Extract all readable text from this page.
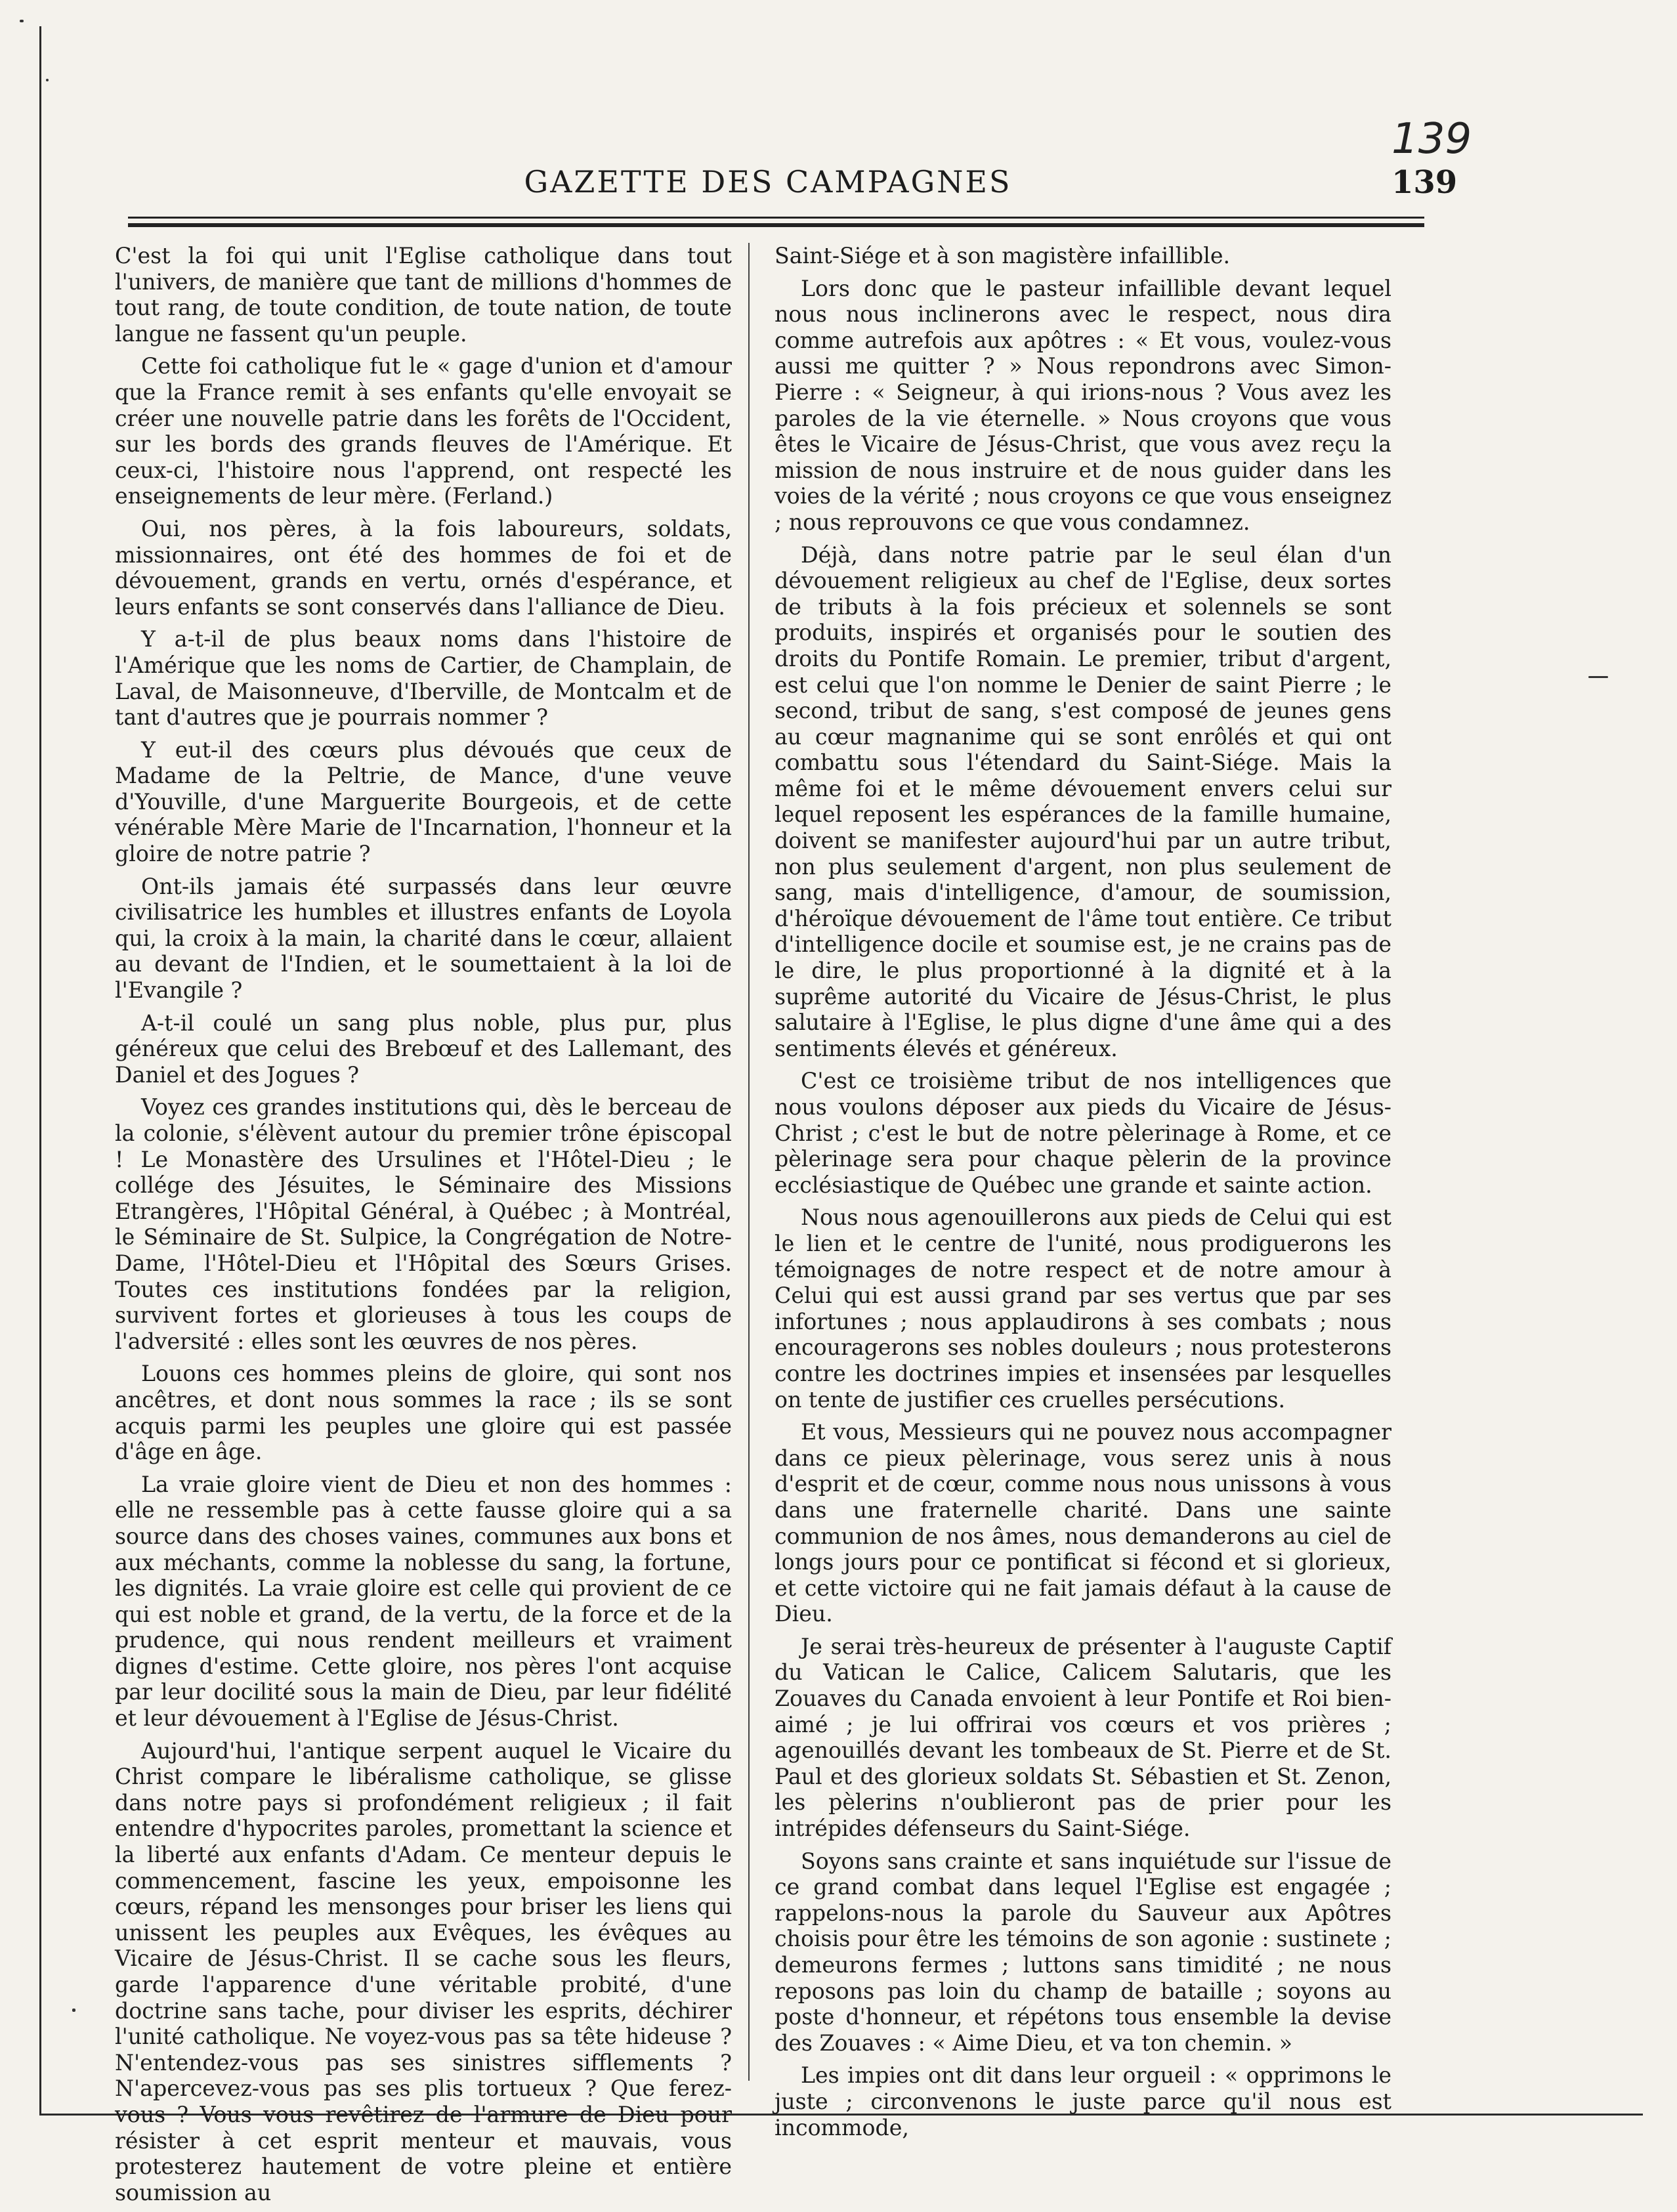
139
GAZETTE DES CAMPAGNES	139

C'est la foi qui unit l'Eglise catholique dans tout l'univers, de manière que tant de millions d'hommes de tout rang, de toute condition, de toute nation, de toute langue ne fassent qu'un peuple.

Cette foi catholique fut le « gage d'union et d'amour que la France remit à ses enfants qu'elle envoyait se créer une nouvelle patrie dans les forêts de l'Occident, sur les bords des grands fleuves de l'Amérique. Et ceux-ci, l'histoire nous l'apprend, ont respecté les enseignements de leur mère. (Ferland.)

Oui, nos pères, à la fois laboureurs, soldats, missionnaires, ont été des hommes de foi et de dévouement, grands en vertu, ornés d'espérance, et leurs enfants se sont conservés dans l'alliance de Dieu.

Y a-t-il de plus beaux noms dans l'histoire de l'Amérique que les noms de Cartier, de Champlain, de Laval, de Maisonneuve, d'Iberville, de Montcalm et de tant d'autres que je pourrais nommer ?

Y eut-il des cœurs plus dévoués que ceux de Madame de la Peltrie, de Mance, d'une veuve d'Youville, d'une Marguerite Bourgeois, et de cette vénérable Mère Marie de l'Incarnation, l'honneur et la gloire de notre patrie ?

Ont-ils jamais été surpassés dans leur œuvre civilisatrice les humbles et illustres enfants de Loyola qui, la croix à la main, la charité dans le cœur, allaient au devant de l'Indien, et le soumettaient à la loi de l'Evangile ?

A-t-il coulé un sang plus noble, plus pur, plus généreux que celui des Brebœuf et des Lallemant, des Daniel et des Jogues ?

Voyez ces grandes institutions qui, dès le berceau de la colonie, s'élèvent autour du premier trône épiscopal ! Le Monastère des Ursulines et l'Hôtel-Dieu ; le collége des Jésuites, le Séminaire des Missions Etrangères, l'Hôpital Général, à Québec ; à Montréal, le Séminaire de St. Sulpice, la Congrégation de Notre-Dame, l'Hôtel-Dieu et l'Hôpital des Sœurs Grises. Toutes ces institutions fondées par la religion, survivent fortes et glorieuses à tous les coups de l'adversité : elles sont les œuvres de nos pères.

Louons ces hommes pleins de gloire, qui sont nos ancêtres, et dont nous sommes la race ; ils se sont acquis parmi les peuples une gloire qui est passée d'âge en âge.

La vraie gloire vient de Dieu et non des hommes : elle ne ressemble pas à cette fausse gloire qui a sa source dans des choses vaines, communes aux bons et aux méchants, comme la noblesse du sang, la fortune, les dignités. La vraie gloire est celle qui provient de ce qui est noble et grand, de la vertu, de la force et de la prudence, qui nous rendent meilleurs et vraiment dignes d'estime. Cette gloire, nos pères l'ont acquise par leur docilité sous la main de Dieu, par leur fidélité et leur dévouement à l'Eglise de Jésus-Christ.

Aujourd'hui, l'antique serpent auquel le Vicaire du Christ compare le libéralisme catholique, se glisse dans notre pays si profondément religieux ; il fait entendre d'hypocrites paroles, promettant la science et la liberté aux enfants d'Adam. Ce menteur depuis le commencement, fascine les yeux, empoisonne les cœurs, répand les mensonges pour briser les liens qui unissent les peuples aux Evêques, les évêques au Vicaire de Jésus-Christ. Il se cache sous les fleurs, garde l'apparence d'une véritable probité, d'une doctrine sans tache, pour diviser les esprits, déchirer l'unité catholique. Ne voyez-vous pas sa tête hideuse ? N'entendez-vous pas ses sinistres sifflements ? N'apercevez-vous pas ses plis tortueux ? Que ferez-vous ? Vous vous revêtirez de l'armure de Dieu pour résister à cet esprit menteur et mauvais, vous protesterez hautement de votre pleine et entière soumission au

Saint-Siége et à son magistère infaillible.

Lors donc que le pasteur infaillible devant lequel nous nous inclinerons avec le respect, nous dira comme autrefois aux apôtres : « Et vous, voulez-vous aussi me quitter ? » Nous repondrons avec Simon-Pierre : « Seigneur, à qui irions-nous ? Vous avez les paroles de la vie éternelle. » Nous croyons que vous êtes le Vicaire de Jésus-Christ, que vous avez reçu la mission de nous instruire et de nous guider dans les voies de la vérité ; nous croyons ce que vous enseignez ; nous reprouvons ce que vous condamnez.

Déjà, dans notre patrie par le seul élan d'un dévouement religieux au chef de l'Eglise, deux sortes de tributs à la fois précieux et solennels se sont produits, inspirés et organisés pour le soutien des droits du Pontife Romain. Le premier, tribut d'argent, est celui que l'on nomme le Denier de saint Pierre ; le second, tribut de sang, s'est composé de jeunes gens au cœur magnanime qui se sont enrôlés et qui ont combattu sous l'étendard du Saint-Siége. Mais la même foi et le même dévouement envers celui sur lequel reposent les espérances de la famille humaine, doivent se manifester aujourd'hui par un autre tribut, non plus seulement d'argent, non plus seulement de sang, mais d'intelligence, d'amour, de soumission, d'héroïque dévouement de l'âme tout entière. Ce tribut d'intelligence docile et soumise est, je ne crains pas de le dire, le plus proportionné à la dignité et à la suprême autorité du Vicaire de Jésus-Christ, le plus salutaire à l'Eglise, le plus digne d'une âme qui a des sentiments élevés et généreux.

C'est ce troisième tribut de nos intelligences que nous voulons déposer aux pieds du Vicaire de Jésus-Christ ; c'est le but de notre pèlerinage à Rome, et ce pèlerinage sera pour chaque pèlerin de la province ecclésiastique de Québec une grande et sainte action.

Nous nous agenouillerons aux pieds de Celui qui est le lien et le centre de l'unité, nous prodiguerons les témoignages de notre respect et de notre amour à Celui qui est aussi grand par ses vertus que par ses infortunes ; nous applaudirons à ses combats ; nous encouragerons ses nobles douleurs ; nous protesterons contre les doctrines impies et insensées par lesquelles on tente de justifier ces cruelles persécutions.

Et vous, Messieurs qui ne pouvez nous accompagner dans ce pieux pèlerinage, vous serez unis à nous d'esprit et de cœur, comme nous nous unissons à vous dans une fraternelle charité. Dans une sainte communion de nos âmes, nous demanderons au ciel de longs jours pour ce pontificat si fécond et si glorieux, et cette victoire qui ne fait jamais défaut à la cause de Dieu.

Je serai très-heureux de présenter à l'auguste Captif du Vatican le Calice, Calicem Salutaris, que les Zouaves du Canada envoient à leur Pontife et Roi bien-aimé ; je lui offrirai vos cœurs et vos prières ; agenouillés devant les tombeaux de St. Pierre et de St. Paul et des glorieux soldats St. Sébastien et St. Zenon, les pèlerins n'oublieront pas de prier pour les intrépides défenseurs du Saint-Siége.

Soyons sans crainte et sans inquiétude sur l'issue de ce grand combat dans lequel l'Eglise est engagée ; rappelons-nous la parole du Sauveur aux Apôtres choisis pour être les témoins de son agonie : sustinete ; demeurons fermes ; luttons sans timidité ; ne nous reposons pas loin du champ de bataille ; soyons au poste d'honneur, et répétons tous ensemble la devise des Zouaves : « Aime Dieu, et va ton chemin. »

Les impies ont dit dans leur orgueil : « opprimons le juste ; circonvenons le juste parce qu'il nous est incommode,
